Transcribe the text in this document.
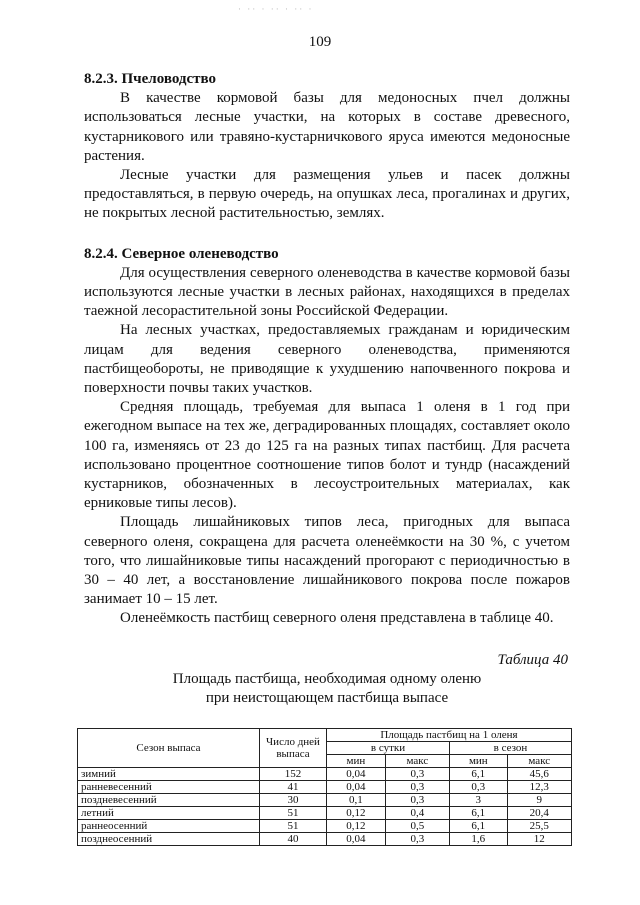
· ·· · ·· · ·· ·
109
8.2.3. Пчеловодство

В качестве кормовой базы для медоносных пчел должны использоваться лесные участки, на которых в составе древесного, кустарникового или травяно-кустарничкового яруса имеются медоносные растения.

Лесные участки для размещения ульев и пасек должны предоставляться, в первую очередь, на опушках леса, прогалинах и других, не покрытых лесной растительностью, землях.

8.2.4. Северное оленеводство

Для осуществления северного оленеводства в качестве кормовой базы используются лесные участки в лесных районах, находящихся в пределах таежной лесорастительной зоны Российской Федерации.

На лесных участках, предоставляемых гражданам и юридическим лицам для ведения северного оленеводства, применяются пастбищеобороты, не приводящие к ухудшению напочвенного покрова и поверхности почвы таких участков.

Средняя площадь, требуемая для выпаса 1 оленя в 1 год при ежегодном выпасе на тех же, деградированных площадях, составляет около 100 га, изменяясь от 23 до 125 га на разных типах пастбищ. Для расчета использовано процентное соотношение типов болот и тундр (насаждений кустарников, обозначенных в лесоустроительных материалах, как ерниковые типы лесов).

Площадь лишайниковых типов леса, пригодных для выпаса северного оленя, сокращена для расчета оленеёмкости на 30 %, с учетом того, что лишайниковые типы насаждений прогорают с периодичностью в 30 – 40 лет, а восстановление лишайникового покрова после пожаров занимает 10 – 15 лет.

Оленеёмкость пастбищ северного оленя представлена в таблице 40.

Таблица 40
Площадь пастбища, необходимая одному оленю
при неистощающем пастбища выпасе
Сезон выпаса	Число дней выпаса	Площадь пастбищ на 1 оленя			
		в сутки		в сезон	
		мин	макс	мин	макс
зимний	152	0,04	0,3	6,1	45,6
ранневесенний	41	0,04	0,3	0,3	12,3
поздневесенний	30	0,1	0,3	3	9
летний	51	0,12	0,4	6,1	20,4
раннеосенний	51	0,12	0,5	6,1	25,5
позднеосенний	40	0,04	0,3	1,6	12
